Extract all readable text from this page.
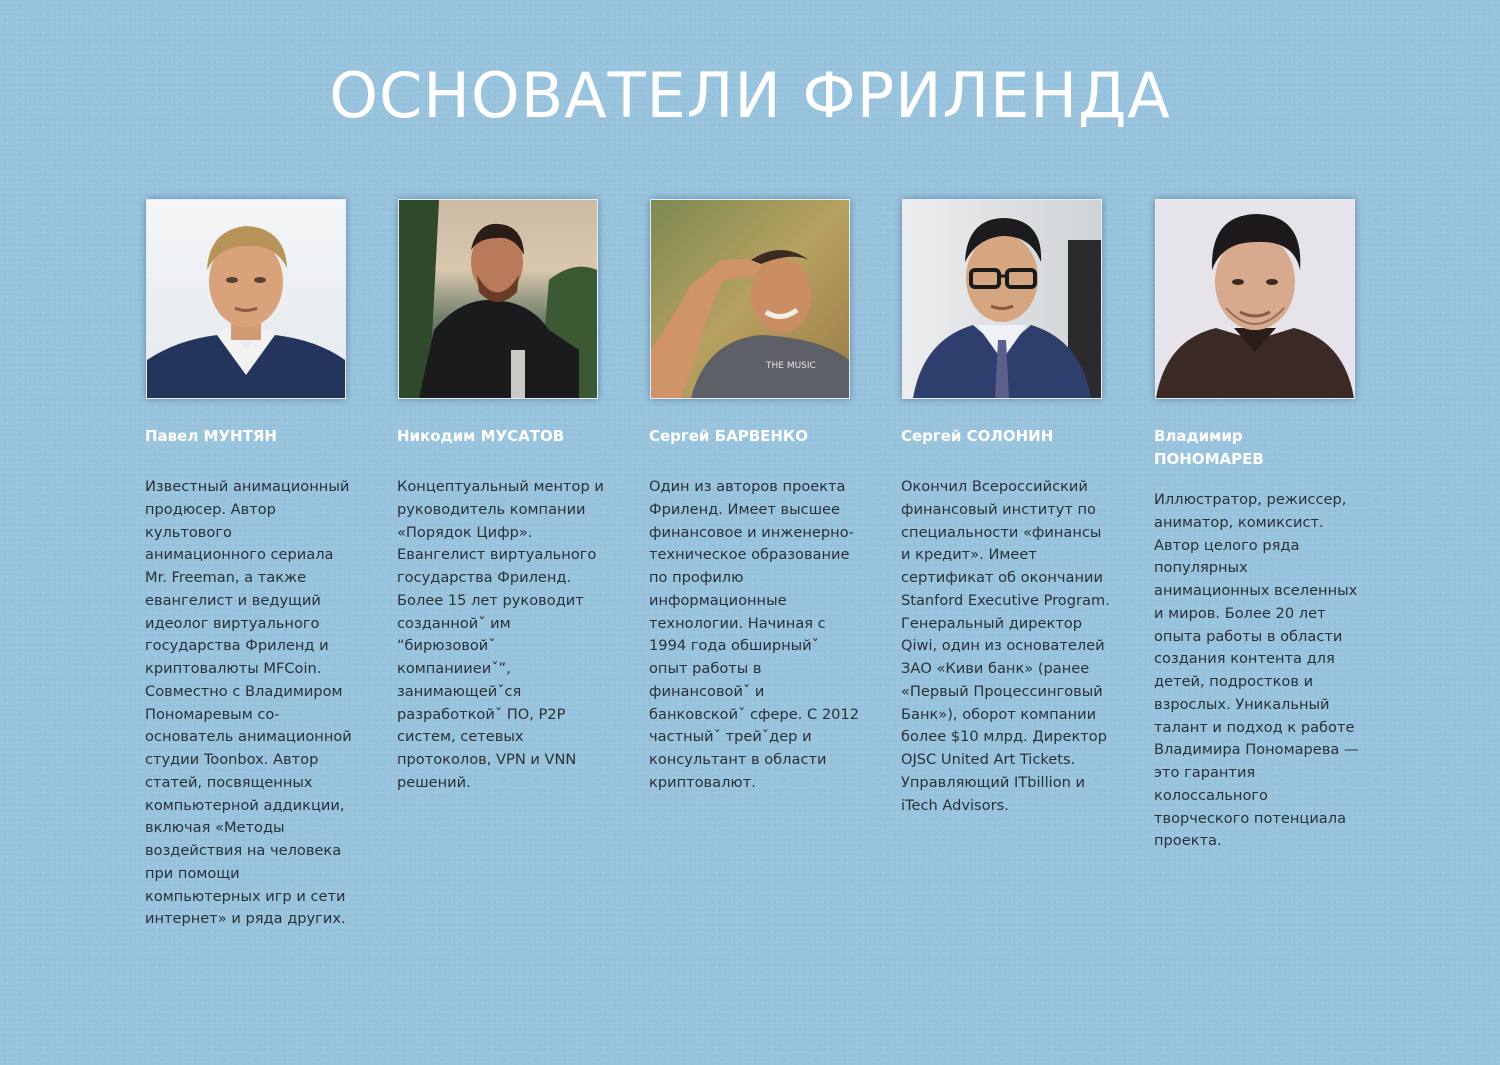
ОСНОВАТЕЛИ ФРИЛЕНДА
Павел МУНТЯН
Известный анимационный продюсер. Автор культового анимационного сериала Mr. Freeman, а также евангелист и ведущий идеолог виртуального государства Фриленд и криптовалюты MFCoin. Совместно с Владимиром Пономаревым со-основатель анимационной студии Toonbox. Автор статей, посвященных компьютерной аддикции, включая «Методы воздействия на человека при помощи компьютерных игр и сети интернет» и ряда других.
Никодим МУСАТОВ
Концептуальный ментор и руководитель компании «Порядок Цифр». Евангелист виртуального государства Фриленд. Более 15 лет руководит созданнойˇ им “бирюзовойˇ компанииеиˇ”, занимающейˇся разработкойˇ ПО, P2P систем, сетевых протоколов, VPN и VNN решений.
THE MUSIC
Сергей БАРВЕНКО
Один из авторов проекта Фриленд. Имеет высшее финансовое и инженерно-техническое образование по профилю информационные технологии. Начиная с 1994 года обширныйˇ опыт работы в финансовойˇ и банковскойˇ сфере. С 2012 частныйˇ трейˇдер и консультант в области криптовалют.
Сергей СОЛОНИН
Окончил Всероссийский финансовый институт по специальности «финансы и кредит». Имеет сертификат об окончании Stanford Executive Program. Генеральный директор Qiwi, один из основателей ЗАО «Киви банк» (ранее «Первый Процессинговый Банк»), оборот компании более $10 млрд. Директор OJSC United Art Tickets. Управляющий ITbillion и iTech Advisors.
Владимир ПОНОМАРЕВ
Иллюстратор, режиссер, аниматор, комиксист. Автор целого ряда популярных анимационных вселенных и миров. Более 20 лет опыта работы в области создания контента для детей, подростков и взрослых. Уникальный талант и подход к работе Владимира Пономарева — это гарантия колоссального творческого потенциала проекта.
